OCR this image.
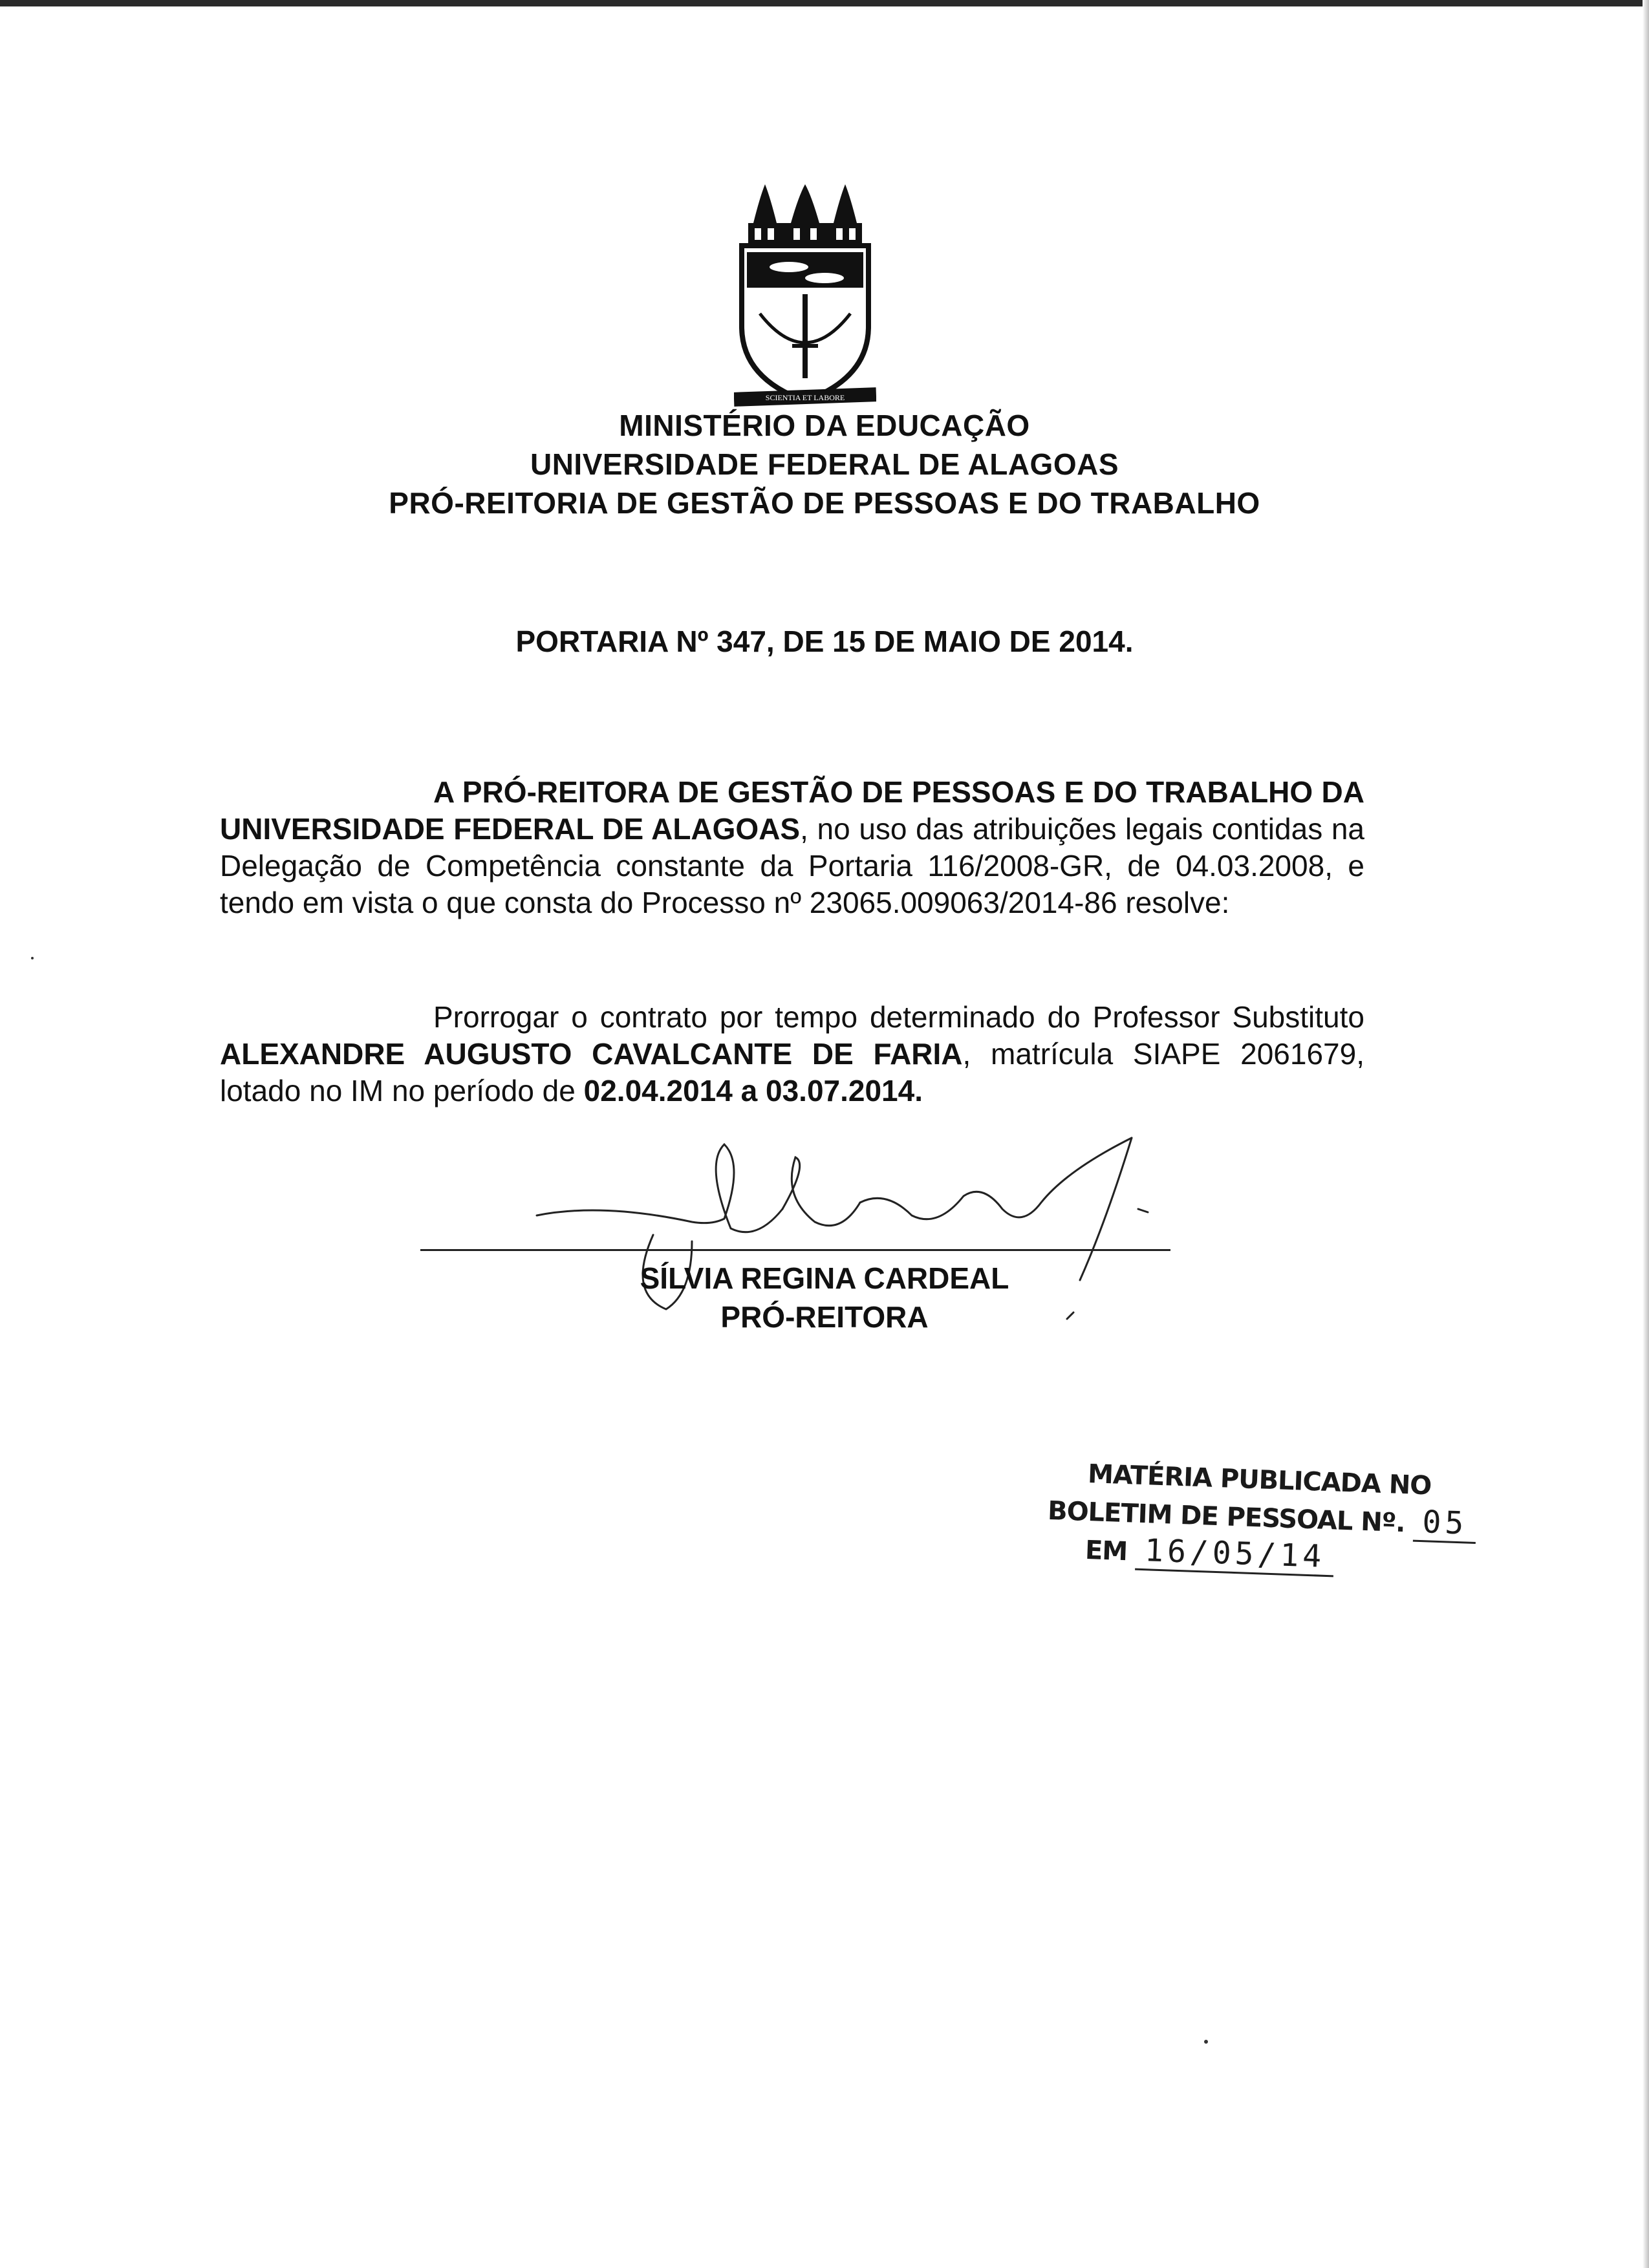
SCIENTIA ET LABORE
MINISTÉRIO DA EDUCAÇÃO
UNIVERSIDADE FEDERAL DE ALAGOAS
PRÓ-REITORIA DE GESTÃO DE PESSOAS E DO TRABALHO
PORTARIA Nº 347, DE 15 DE MAIO DE 2014.
A PRÓ-REITORA DE GESTÃO DE PESSOAS E DO TRABALHO DA UNIVERSIDADE FEDERAL DE ALAGOAS, no uso das atribuições legais contidas na Delegação de Competência constante da Portaria 116/2008-GR, de 04.03.2008, e tendo em vista o que consta do Processo nº 23065.009063/2014-86 resolve:
Prorrogar o contrato por tempo determinado do Professor Substituto ALEXANDRE AUGUSTO CAVALCANTE DE FARIA, matrícula SIAPE 2061679, lotado no IM no período de 02.04.2014 a 03.07.2014.
SÍLVIA REGINA CARDEAL
PRÓ-REITORA
MATÉRIA PUBLICADA NO
BOLETIM DE PESSOAL Nº. 05
EM 16/05/14
